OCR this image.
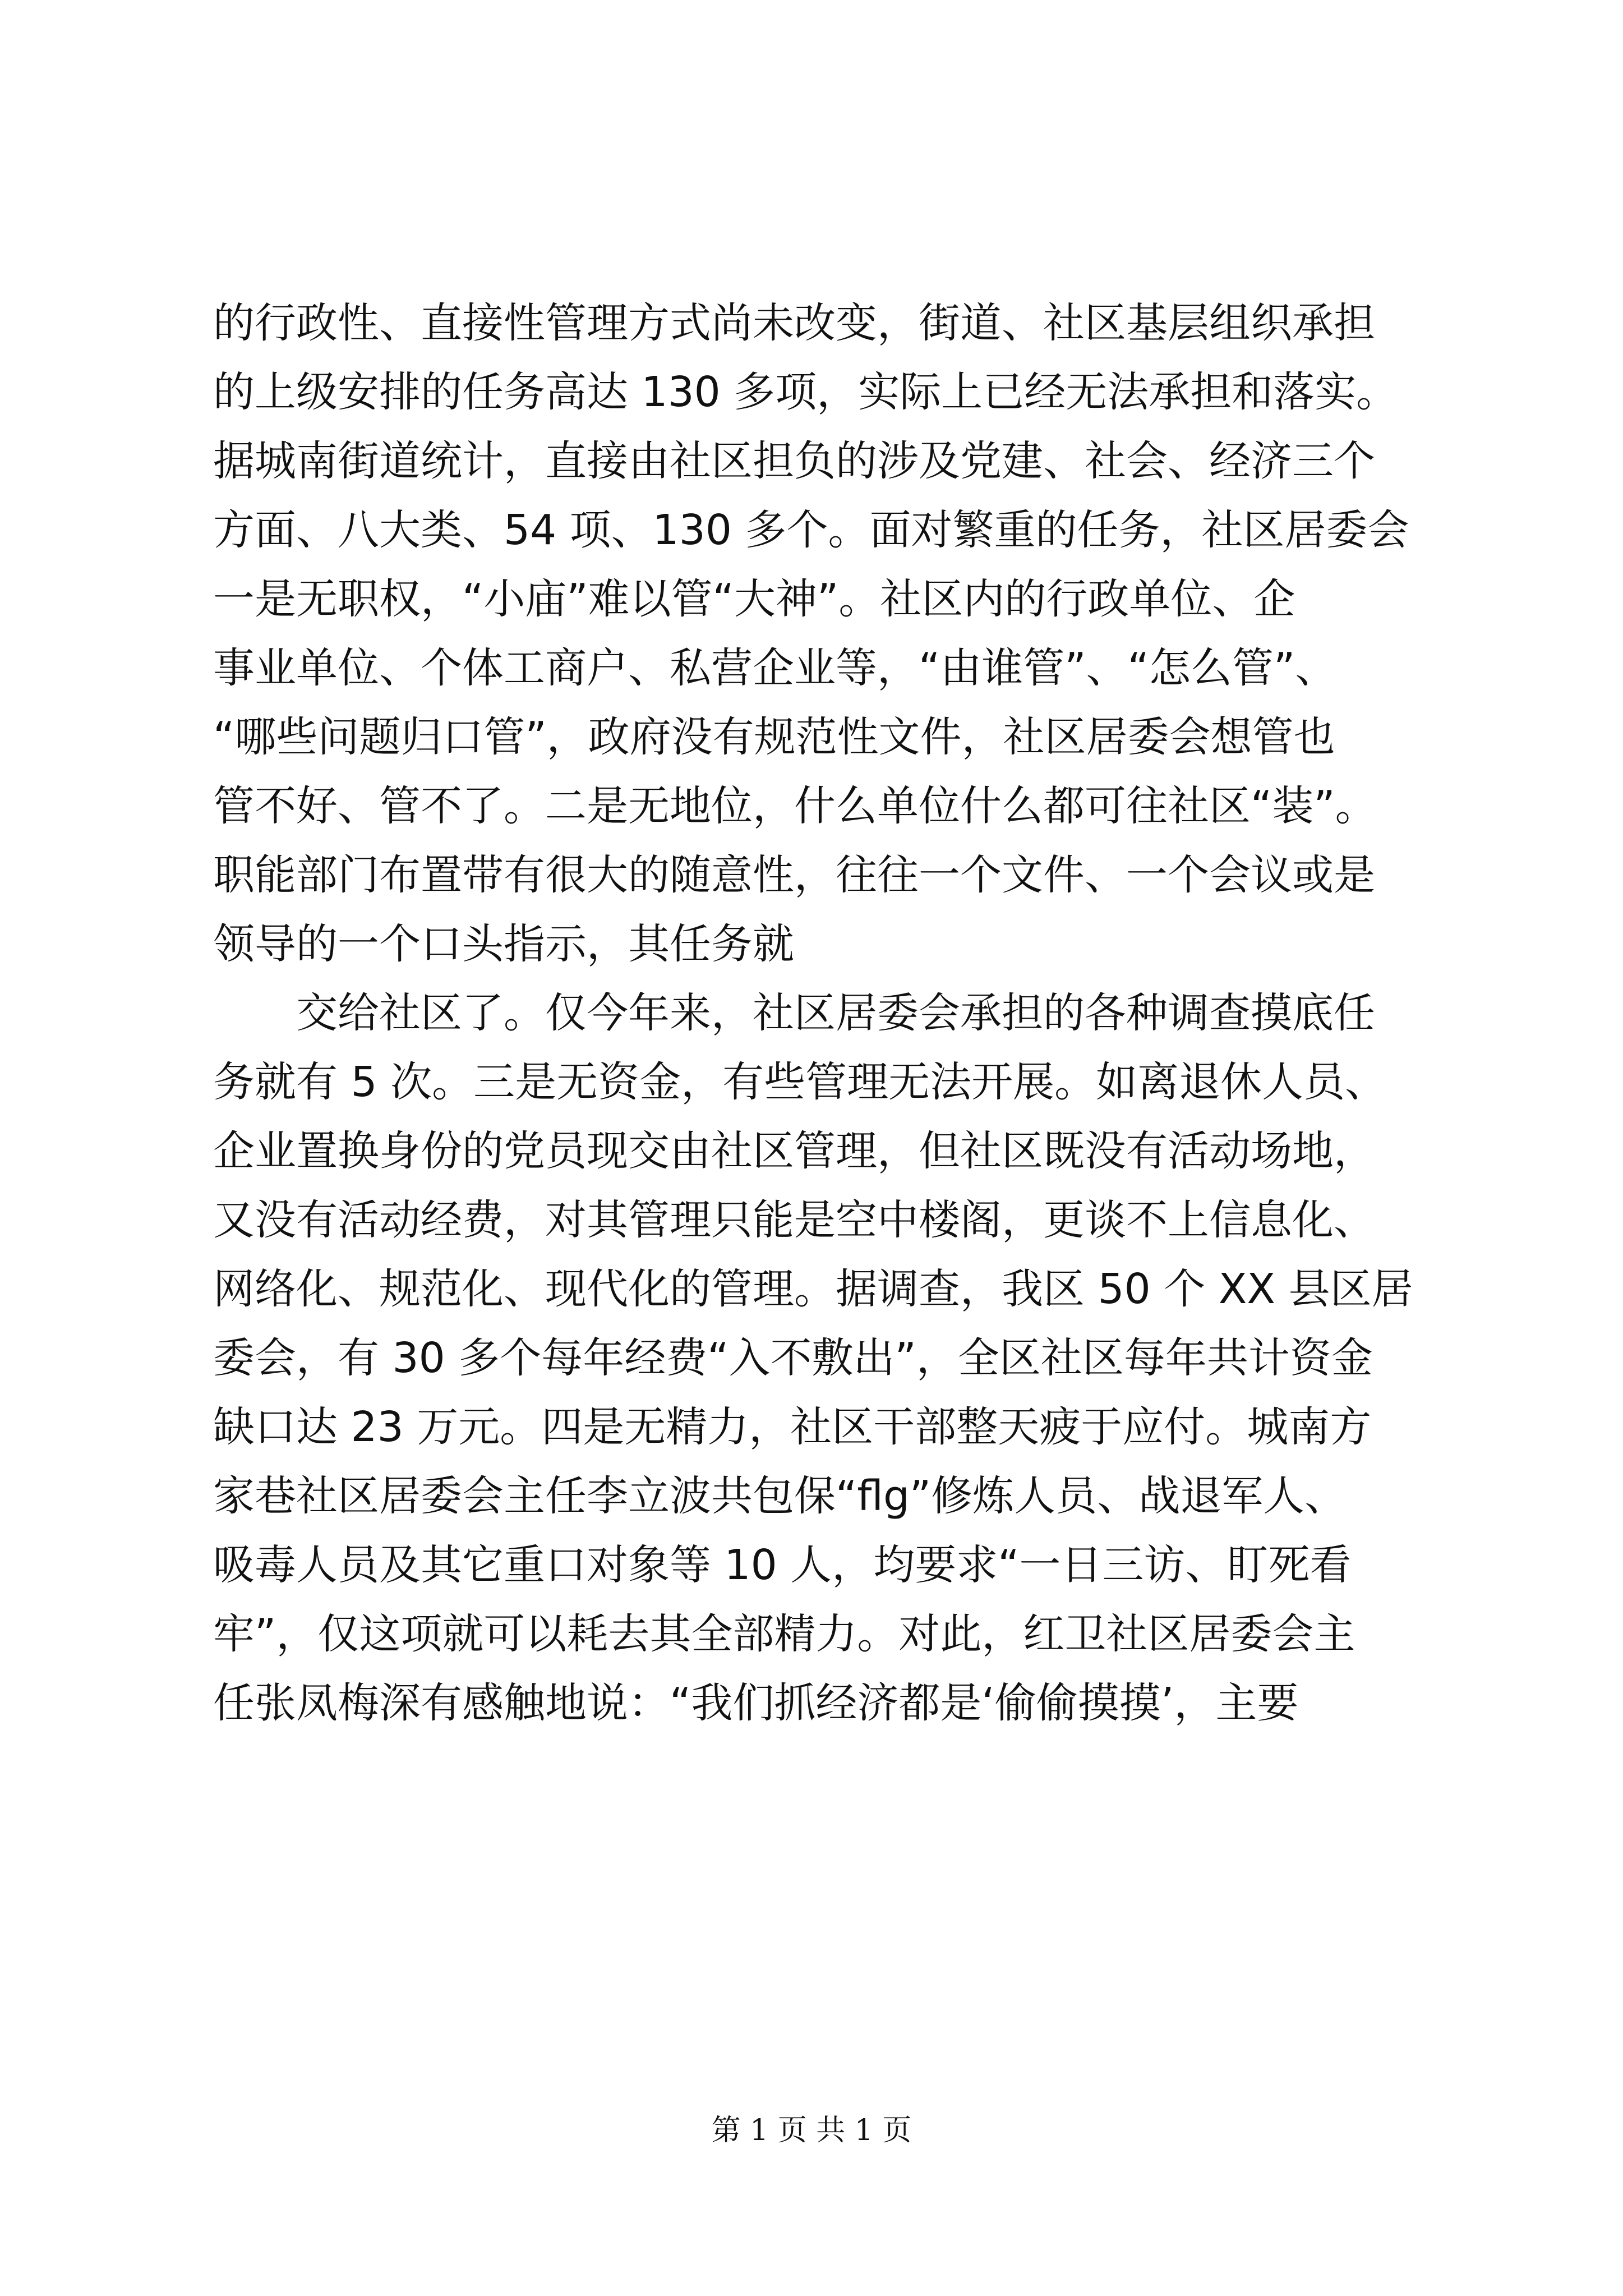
的行政性、直接性管理方式尚未改变，街道、社区基层组织承担
的上级安排的任务高达 130 多项，实际上已经无法承担和落实。
据城南街道统计，直接由社区担负的涉及党建、社会、经济三个
方面、八大类、54 项、130 多个。面对繁重的任务，社区居委会
一是无职权，“小庙”难以管“大神”。社区内的行政单位、企
事业单位、个体工商户、私营企业等，“由谁管”、“怎么管”、
“哪些问题归口管”，政府没有规范性文件，社区居委会想管也
管不好、管不了。二是无地位，什么单位什么都可往社区“装”。
职能部门布置带有很大的随意性，往往一个文件、一个会议或是
领导的一个口头指示，其任务就
交给社区了。仅今年来，社区居委会承担的各种调查摸底任
务就有 5 次。三是无资金，有些管理无法开展。如离退休人员、
企业置换身份的党员现交由社区管理，但社区既没有活动场地，
又没有活动经费，对其管理只能是空中楼阁，更谈不上信息化、
网络化、规范化、现代化的管理。据调查，我区 50 个 XX 县区居
委会，有 30 多个每年经费“入不敷出”，全区社区每年共计资金
缺口达 23 万元。四是无精力，社区干部整天疲于应付。城南方
家巷社区居委会主任李立波共包保“flg”修炼人员、战退军人、
吸毒人员及其它重口对象等 10 人，均要求“一日三访、盯死看
牢”，仅这项就可以耗去其全部精力。对此，红卫社区居委会主
任张凤梅深有感触地说：“我们抓经济都是‘偷偷摸摸’，主要
第 1 页 共 1 页
